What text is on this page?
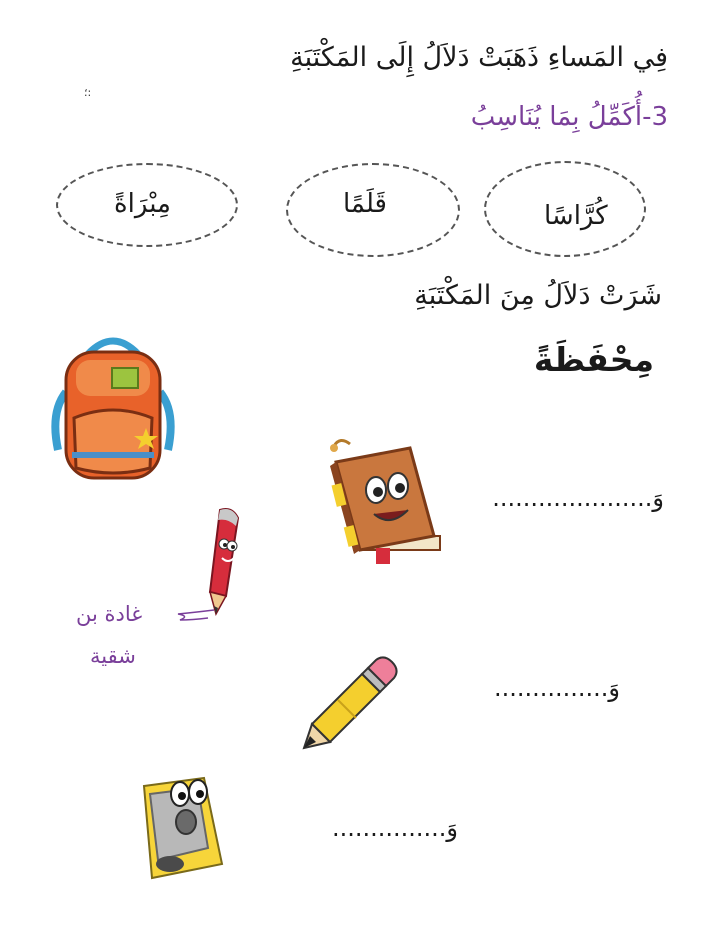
فِي المَساءِ ذَهَبَتْ دَلاَلُ إِلَى المَكْتَبَةِ
؛:
3-أُكَمِّلُ بِمَا يُنَاسِبُ
مِبْرَاةً	قَلَمًا	كُرَّاسًا
شَرَتْ دَلاَلُ مِنَ المَكْتَبَةِ
مِحْفَظَةً
غادة بن
شقية
وَ.....................
وَ...............
وَ...............
